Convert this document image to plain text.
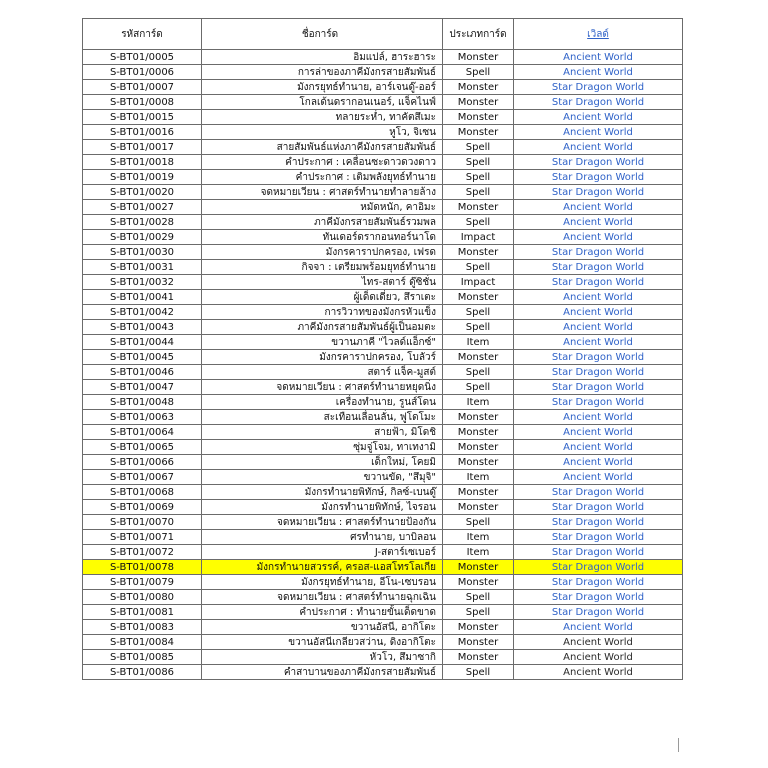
รหัสการ์ด	ชื่อการ์ด	ประเภทการ์ด	เวิลด์
S-BT01/0005	อิมแปล์, ฮาระฮาระ	Monster	Ancient World
S-BT01/0006	การล่าของภาคีมังกรสายสัมพันธ์	Spell	Ancient World
S-BT01/0007	มังกรยุทธ์ทำนาย, อาร์เจนดู๊-ออร์	Monster	Star Dragon World
S-BT01/0008	โกลเด้นดรากอนเนอร์, แจ็คไนฟ์	Monster	Star Dragon World
S-BT01/0015	ทลายระห่ำ, ทาคัตสึเมะ	Monster	Ancient World
S-BT01/0016	หูโว, จิเซน	Monster	Ancient World
S-BT01/0017	สายสัมพันธ์แห่งภาคีมังกรสายสัมพันธ์	Spell	Ancient World
S-BT01/0018	คำประกาศ : เคลื่อนซะดาวดวงดาว	Spell	Star Dragon World
S-BT01/0019	คำประกาศ : เติมพลังยุทธ์ทำนาย	Spell	Star Dragon World
S-BT01/0020	จดหมายเวียน : ศาสตร์ทำนายทำลายล้าง	Spell	Star Dragon World
S-BT01/0027	หมัดหนัก, คาอิมะ	Monster	Ancient World
S-BT01/0028	ภาคีมังกรสายสัมพันธ์รวมพล	Spell	Ancient World
S-BT01/0029	ทันเดอร์ดรากอนทอร์นาโด	Impact	Ancient World
S-BT01/0030	มังกรคาราปกครอง, เฟรด	Monster	Star Dragon World
S-BT01/0031	กิจจา : เตรียมพร้อมยุทธ์ทำนาย	Spell	Star Dragon World
S-BT01/0032	ไทร-สตาร์ ดู๊ซิชั่น	Impact	Star Dragon World
S-BT01/0041	ผู้เด็ดเดี่ยว, สึราเตะ	Monster	Ancient World
S-BT01/0042	การวิวาทของมังกรหัวแข็ง	Spell	Ancient World
S-BT01/0043	ภาคีมังกรสายสัมพันธ์ผู้เป็นอมตะ	Spell	Ancient World
S-BT01/0044	ขวานภาคี "ไวลด์แอ็กซ์"	Item	Ancient World
S-BT01/0045	มังกรคาราปกครอง, โบลัวร์	Monster	Star Dragon World
S-BT01/0046	สตาร์ แจ็ค-มูสต์	Spell	Star Dragon World
S-BT01/0047	จดหมายเวียน : ศาสตร์ทำนายหยุดนิ่ง	Spell	Star Dragon World
S-BT01/0048	เครื่องทำนาย, รูนส์โดน	Item	Star Dragon World
S-BT01/0063	สะเทือนเลื่อนลั่น, ฟูโดโมะ	Monster	Ancient World
S-BT01/0064	สายฟ้า, มิโดชิ	Monster	Ancient World
S-BT01/0065	ซุ่มจู่โจม, ทาเทงามิ	Monster	Ancient World
S-BT01/0066	เด็กใหม่, โคยมิ	Monster	Ancient World
S-BT01/0067	ขวานขัด, "สึมุจิ"	Item	Ancient World
S-BT01/0068	มังกรทำนายพิทักษ์, กิลซ์-เบนดู๊	Monster	Star Dragon World
S-BT01/0069	มังกรทำนายพิทักษ์, ไจรอน	Monster	Star Dragon World
S-BT01/0070	จดหมายเวียน : ศาสตร์ทำนายป้องกัน	Spell	Star Dragon World
S-BT01/0071	ศรทำนาย, บาบิลอน	Item	Star Dragon World
S-BT01/0072	J-สตาร์เซเบอร์	Item	Star Dragon World
S-BT01/0078	มังกรทำนายสวรรค์, ครอส-แอสโทรโลเกีย	Monster	Star Dragon World
S-BT01/0079	มังกรยุทธ์ทำนาย, อีโน-เซบรอน	Monster	Star Dragon World
S-BT01/0080	จดหมายเวียน : ศาสตร์ทำนายฉุกเฉิน	Spell	Star Dragon World
S-BT01/0081	คำประกาศ : ทำนายขั้นเด็ดขาด	Spell	Star Dragon World
S-BT01/0083	ขวานอัสนี, อากิโตะ	Monster	Ancient World
S-BT01/0084	ขวานอัสนีเกลียวสว่าน, ดิงอากิโตะ	Monster	Ancient World
S-BT01/0085	หัวโว, สึมาซากิ	Monster	Ancient World
S-BT01/0086	คำสาบานของภาคีมังกรสายสัมพันธ์	Spell	Ancient World
